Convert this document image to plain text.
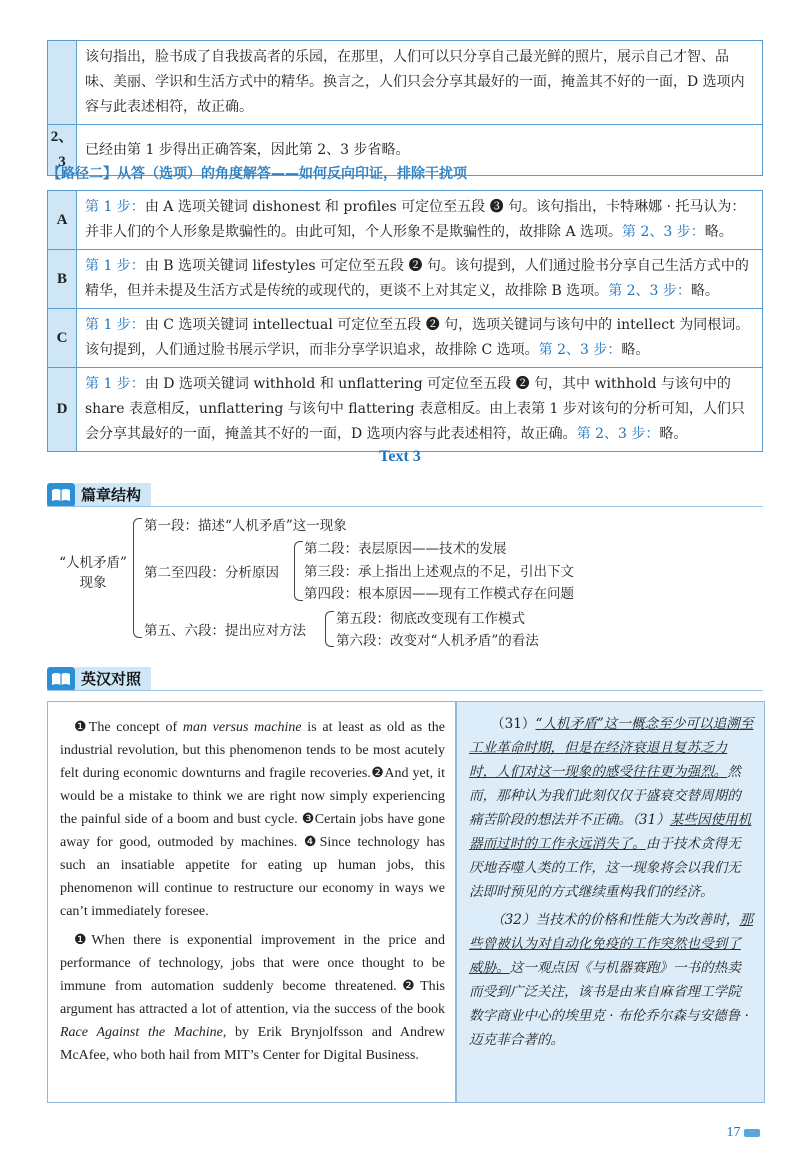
	该句指出，脸书成了自我拔高者的乐园，在那里，人们可以只分享自己最光鲜的照片，展示自己才智、品味、美丽、学识和生活方式中的精华。换言之，人们只会分享其最好的一面，掩盖其不好的一面，D 选项内容与此表述相符，故正确。
2、3	已经由第 1 步得出正确答案，因此第 2、3 步省略。
【路径二】从答（选项）的角度解答——如何反向印证，排除干扰项
A	第 1 步：由 A 选项关键词 dishonest 和 profiles 可定位至五段 ❸ 句。该句指出，卡特琳娜 · 托马认为：并非人们的个人形象是欺骗性的。由此可知，个人形象不是欺骗性的，故排除 A 选项。第 2、3 步：略。
B	第 1 步：由 B 选项关键词 lifestyles 可定位至五段 ❷ 句。该句提到，人们通过脸书分享自己生活方式中的精华，但并未提及生活方式是传统的或现代的，更谈不上对其定义，故排除 B 选项。第 2、3 步：略。
C	第 1 步：由 C 选项关键词 intellectual 可定位至五段 ❷ 句，选项关键词与该句中的 intellect 为同根词。该句提到，人们通过脸书展示学识，而非分享学识追求，故排除 C 选项。第 2、3 步：略。
D	第 1 步：由 D 选项关键词 withhold 和 unflattering 可定位至五段 ❷ 句，其中 withhold 与该句中的 share 表意相反，unflattering 与该句中 flattering 表意相反。由上表第 1 步对该句的分析可知，人们只会分享其最好的一面，掩盖其不好的一面，D 选项内容与此表述相符，故正确。第 2、3 步：略。
Text 3
篇章结构
“人机矛盾”
现象
第一段：描述“人机矛盾”这一现象
第二至四段：分析原因
第二段：表层原因——技术的发展
第三段：承上指出上述观点的不足，引出下文
第四段：根本原因——现有工作模式存在问题
第五、六段：提出应对方法
第五段：彻底改变现有工作模式
第六段：改变对“人机矛盾”的看法
英汉对照

❶The concept of man versus machine is at least as old as the industrial revolution, but this phenomenon tends to be most acutely felt during economic downturns and fragile recoveries.❷And yet, it would be a mistake to think we are right now simply experiencing the painful side of a boom and bust cycle. ❸Certain jobs have gone away for good, outmoded by machines. ❹Since technology has such an insatiable appetite for eating up human jobs, this phenomenon will continue to restructure our economy in ways we can’t immediately foresee.

❶When there is exponential improvement in the price and performance of technology, jobs that were once thought to be immune from automation suddenly become threatened.❷This argument has attracted a lot of attention, via the success of the book Race Against the Machine, by Erik Brynjolfsson and Andrew McAfee, who both hail from MIT’s Center for Digital Business.

（31）“人机矛盾”这一概念至少可以追溯至工业革命时期，但是在经济衰退且复苏乏力时，人们对这一现象的感受往往更为强烈。然而，那种认为我们此刻仅仅于盛衰交替周期的痛苦阶段的想法并不正确。（31）某些因使用机器而过时的工作永远消失了。由于技术贪得无厌地吞噬人类的工作，这一现象将会以我们无法即时预见的方式继续重构我们的经济。

（32）当技术的价格和性能大为改善时，那些曾被认为对自动化免疫的工作突然也受到了威胁。这一观点因《与机器赛跑》一书的热卖而受到广泛关注，该书是由来自麻省理工学院数字商业中心的埃里克 · 布伦乔尔森与安德鲁 · 迈克菲合著的。

17
